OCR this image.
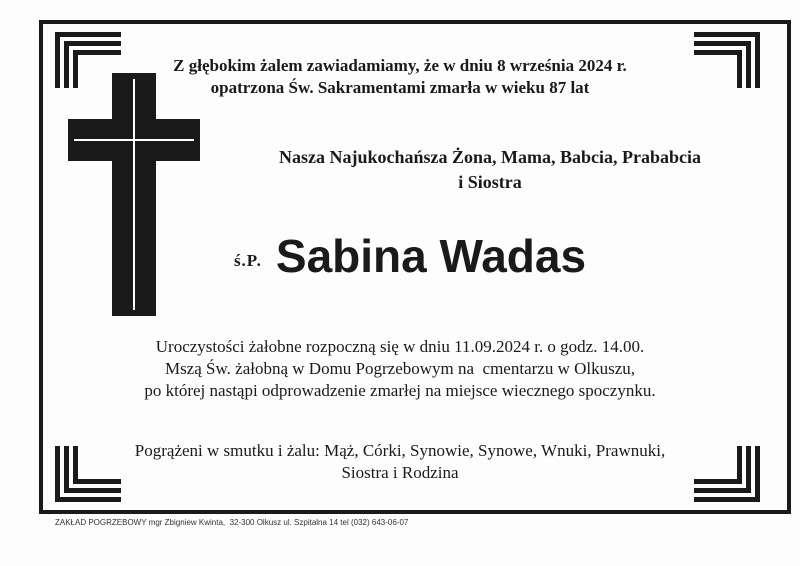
Z głębokim żalem zawiadamiamy, że w dniu 8 września 2024 r.
opatrzona Św. Sakramentami zmarła w wieku 87 lat
Nasza Najukochańsza Żona, Mama, Babcia, Prababcia
i Siostra
ś.P. Sabina Wadas
Uroczystości żałobne rozpoczną się w dniu 11.09.2024 r. o godz. 14.00.
Mszą Św. żałobną w Domu Pogrzebowym na  cmentarzu w Olkuszu,
po której nastąpi odprowadzenie zmarłej na miejsce wiecznego spoczynku.
Pogrążeni w smutku i żalu: Mąż, Córki, Synowie, Synowe, Wnuki, Prawnuki,
Siostra i Rodzina
ZAKŁAD POGRZEBOWY mgr Zbigniew Kwinta,  32-300 Olkusz ul. Szpitalna 14 tel (032) 643-06-07
